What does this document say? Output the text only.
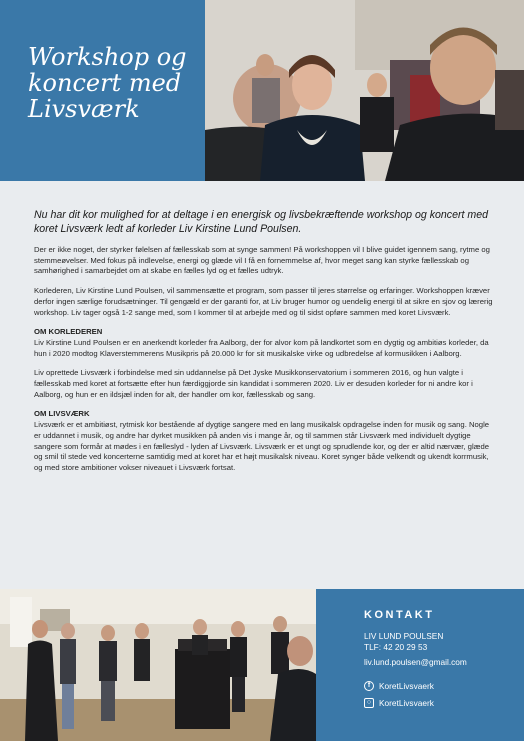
Workshop og koncert med Livsværk

Nu har dit kor mulighed for at deltage i en energisk og livsbekræftende workshop og koncert med koret Livsværk ledt af korleder Liv Kirstine Lund Poulsen.

Der er ikke noget, der styrker følelsen af fællesskab som at synge sammen! På workshoppen vil I blive guidet igennem sang, rytme og stemmeøvelser. Med fokus på indlevelse, energi og glæde vil I få en fornemmelse af, hvor meget sang kan styrke fællesskab og samhørighed i samarbejdet om at skabe en fælles lyd og et fælles udtryk.

Korlederen, Liv Kirstine Lund Poulsen, vil sammensætte et program, som passer til jeres størrelse og erfaringer. Workshoppen kræver derfor ingen særlige forudsætninger. Til gengæld er der garanti for, at Liv bruger humor og uendelig energi til at sikre en sjov og lærerig workshop. Liv tager også 1-2 sange med, som I kommer til at arbejde med og til sidst opføre sammen med koret Livsværk.

OM KORLEDEREN

Liv Kirstine Lund Poulsen er en anerkendt korleder fra Aalborg, der for alvor kom på landkortet som en dygtig og ambitiøs korleder, da hun i 2020 modtog Klaverstemmerens Musikpris på 20.000 kr for sit musikalske virke og udbredelse af kormusikken i Aalborg.

Liv oprettede Livsværk i forbindelse med sin uddannelse på Det Jyske Musikkonservatorium i sommeren 2016, og hun valgte i fællesskab med koret at fortsætte efter hun færdiggjorde sin kandidat i sommeren 2020. Liv er desuden korleder for ni andre kor i Aalborg, og hun er en ildsjæl inden for alt, der handler om kor, fællesskab og sang.

OM LIVSVÆRK

Livsværk er et ambitiøst, rytmisk kor bestående af dygtige sangere med en lang musikalsk opdragelse inden for musik og sang. Nogle er uddannet i musik, og andre har dyrket musikken på anden vis i mange år, og til sammen står Livsværk med individuelt dygtige sangere som formår at mødes i en fælleslyd - lyden af Livsværk. Livsværk er et ungt og sprudlende kor, og der er altid nærvær, glæde og smil til stede ved koncerterne samtidig med at koret har et højt musikalsk niveau. Koret synger både velkendt og ukendt korrmusik, og med store ambitioner vokser niveauet i Livsværk fortsat.

KONTAKT

LIV LUND POULSEN
TLF: 42 20 29 53
liv.lund.poulsen@gmail.com
f	KoretLivsvaerk
○ KoretLivsvaerk
